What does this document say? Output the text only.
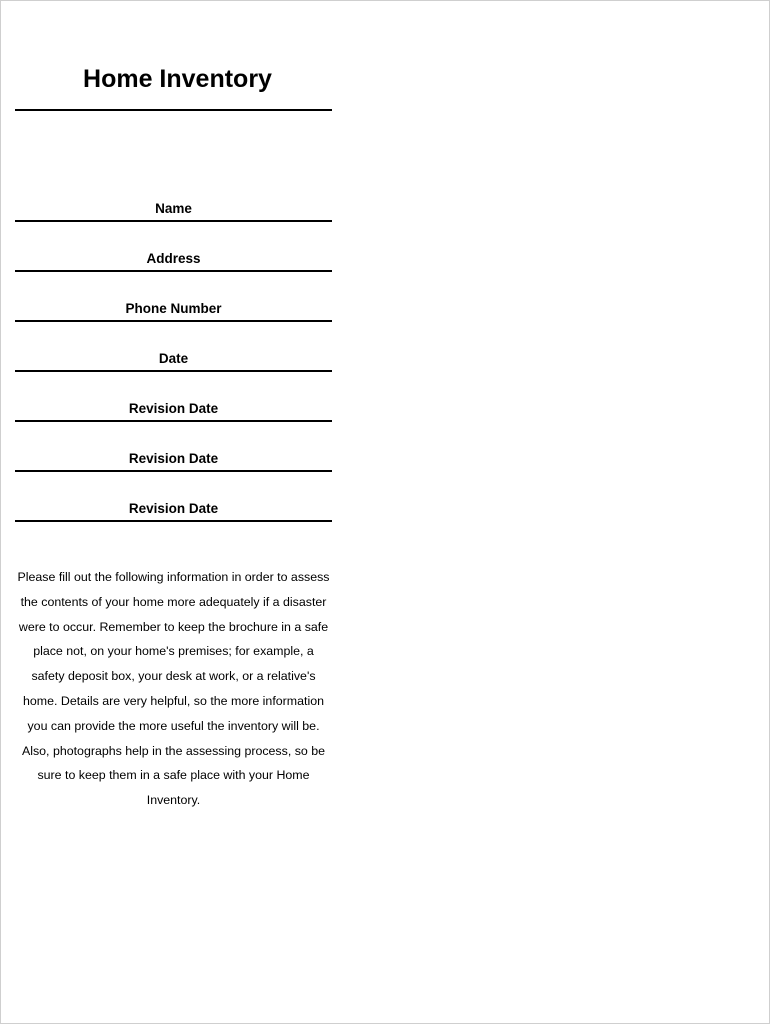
Home Inventory
Name
Address
Phone Number
Date
Revision Date
Revision Date
Revision Date
Please fill out the following information in order to assess the contents of your home more adequately if a disaster were to occur. Remember to keep the brochure in a safe place not, on your home's premises; for example, a safety deposit box, your desk at work, or a relative's home. Details are very helpful, so the more information you can provide the more useful the inventory will be. Also, photographs help in the assessing process, so be sure to keep them in a safe place with your Home Inventory.
